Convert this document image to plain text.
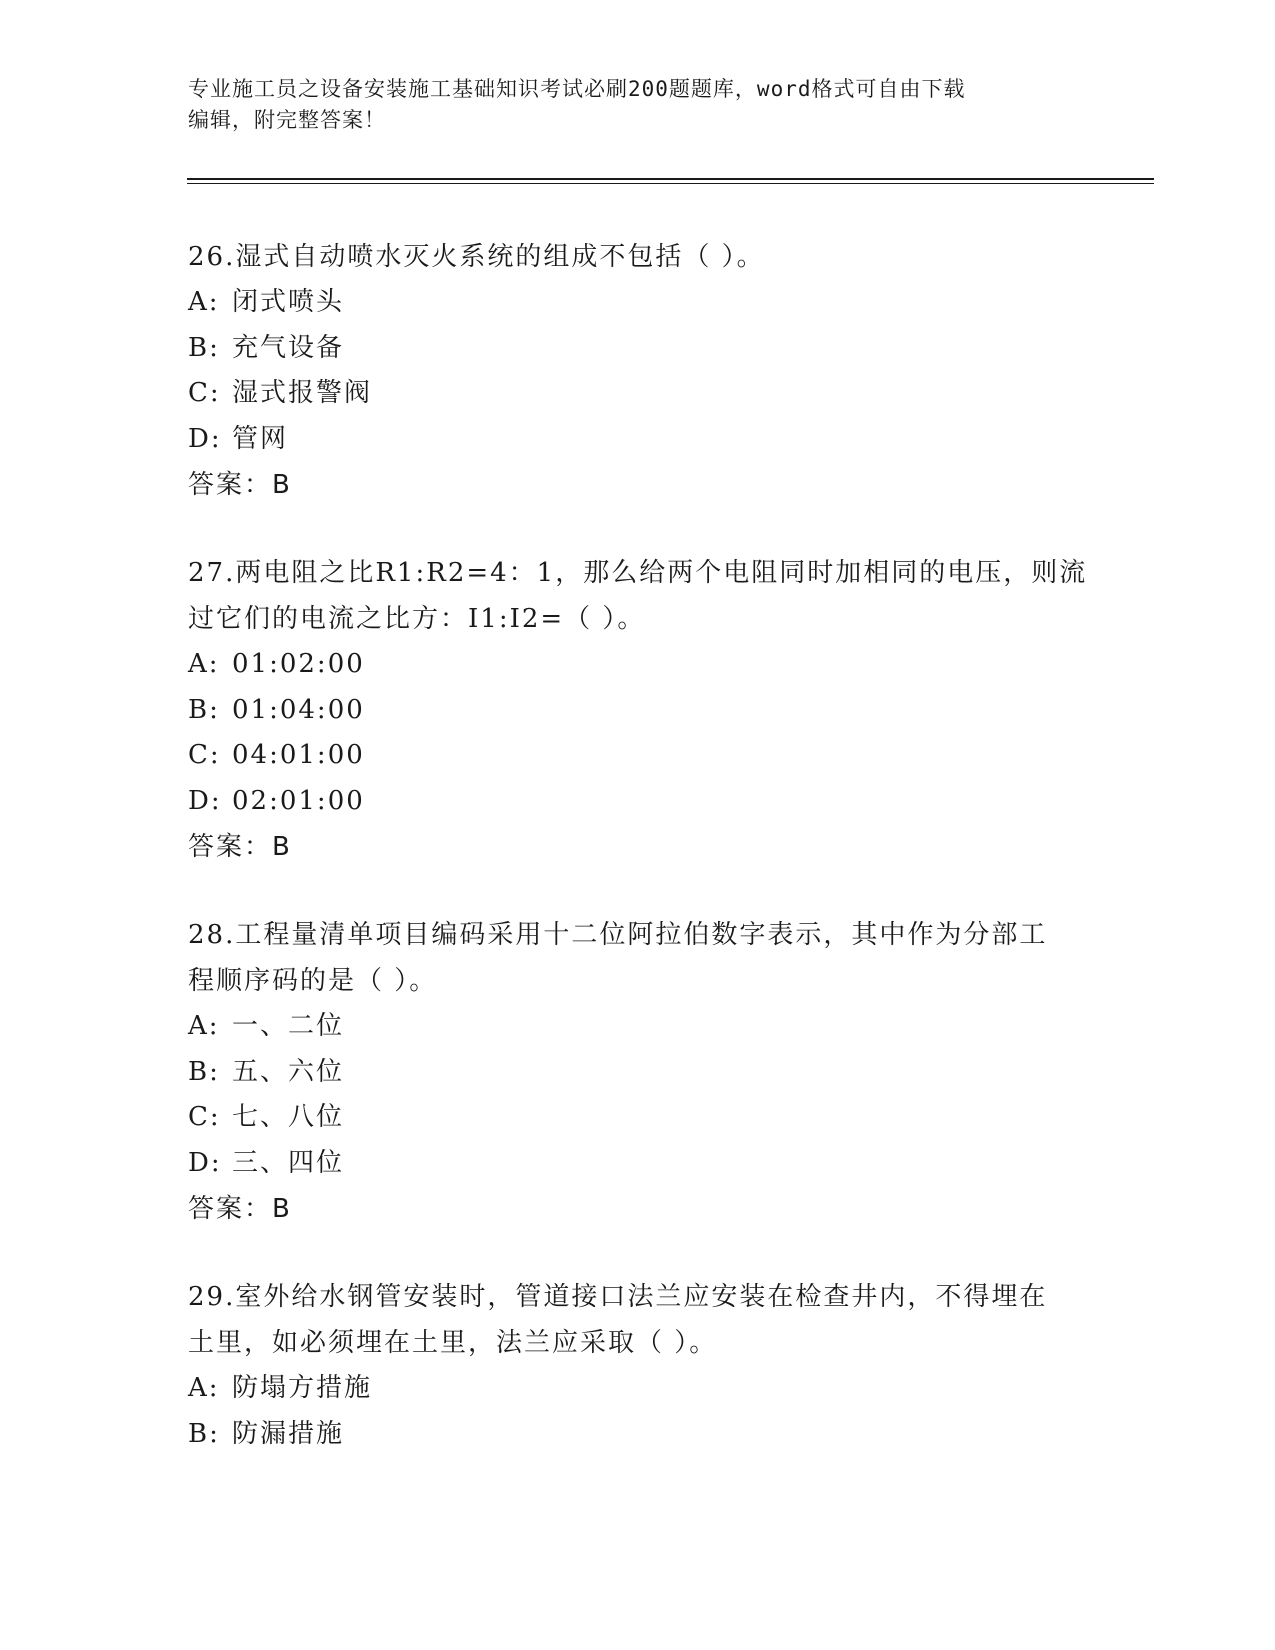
专业施工员之设备安装施工基础知识考试必刷200题题库，word格式可自由下载
编辑，附完整答案！

26.湿式自动喷水灭火系统的组成不包括（ ）。

A: 闭式喷头

B: 充气设备

C: 湿式报警阀

D: 管网

答案：B

27.两电阻之比R1:R2=4：1，那么给两个电阻同时加相同的电压，则流

过它们的电流之比方：I1:I2=（ ）。

A: 01:02:00

B: 01:04:00

C: 04:01:00

D: 02:01:00

答案：B

28.工程量清单项目编码采用十二位阿拉伯数字表示，其中作为分部工

程顺序码的是（ ）。

A: 一、二位

B: 五、六位

C: 七、八位

D: 三、四位

答案：B

29.室外给水钢管安装时，管道接口法兰应安装在检查井内，不得埋在

土里，如必须埋在土里，法兰应采取（ ）。

A: 防塌方措施

B: 防漏措施
